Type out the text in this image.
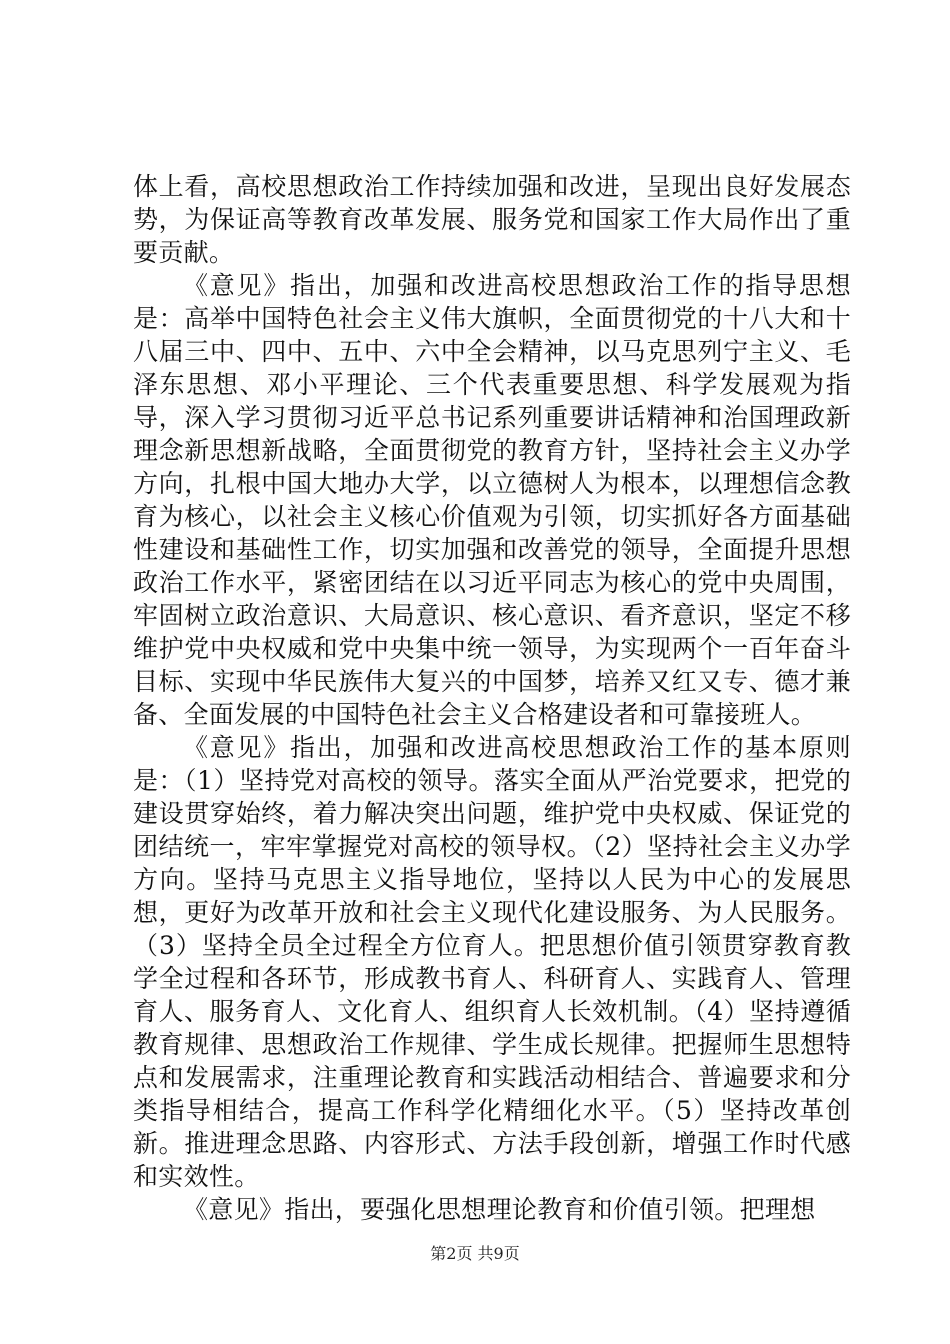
体上看，高校思想政治工作持续加强和改进，呈现出良好发展态势，为保证高等教育改革发展、服务党和国家工作大局作出了重要贡献。

《意见》指出，加强和改进高校思想政治工作的指导思想是：高举中国特色社会主义伟大旗帜，全面贯彻党的十八大和十八届三中、四中、五中、六中全会精神，以马克思列宁主义、毛泽东思想、邓小平理论、三个代表重要思想、科学发展观为指导，深入学习贯彻习近平总书记系列重要讲话精神和治国理政新理念新思想新战略，全面贯彻党的教育方针，坚持社会主义办学方向，扎根中国大地办大学，以立德树人为根本，以理想信念教育为核心，以社会主义核心价值观为引领，切实抓好各方面基础性建设和基础性工作，切实加强和改善党的领导，全面提升思想政治工作水平，紧密团结在以习近平同志为核心的党中央周围，牢固树立政治意识、大局意识、核心意识、看齐意识，坚定不移维护党中央权威和党中央集中统一领导，为实现两个一百年奋斗目标、实现中华民族伟大复兴的中国梦，培养又红又专、德才兼备、全面发展的中国特色社会主义合格建设者和可靠接班人。

《意见》指出，加强和改进高校思想政治工作的基本原则是：（1）坚持党对高校的领导。落实全面从严治党要求，把党的建设贯穿始终，着力解决突出问题，维护党中央权威、保证党的团结统一，牢牢掌握党对高校的领导权。（2）坚持社会主义办学方向。坚持马克思主义指导地位，坚持以人民为中心的发展思想，更好为改革开放和社会主义现代化建设服务、为人民服务。（3）坚持全员全过程全方位育人。把思想价值引领贯穿教育教学全过程和各环节，形成教书育人、科研育人、实践育人、管理育人、服务育人、文化育人、组织育人长效机制。（4）坚持遵循教育规律、思想政治工作规律、学生成长规律。把握师生思想特点和发展需求，注重理论教育和实践活动相结合、普遍要求和分类指导相结合，提高工作科学化精细化水平。（5）坚持改革创新。推进理念思路、内容形式、方法手段创新，增强工作时代感和实效性。

《意见》指出，要强化思想理论教育和价值引领。把理想

第2页 共9页
